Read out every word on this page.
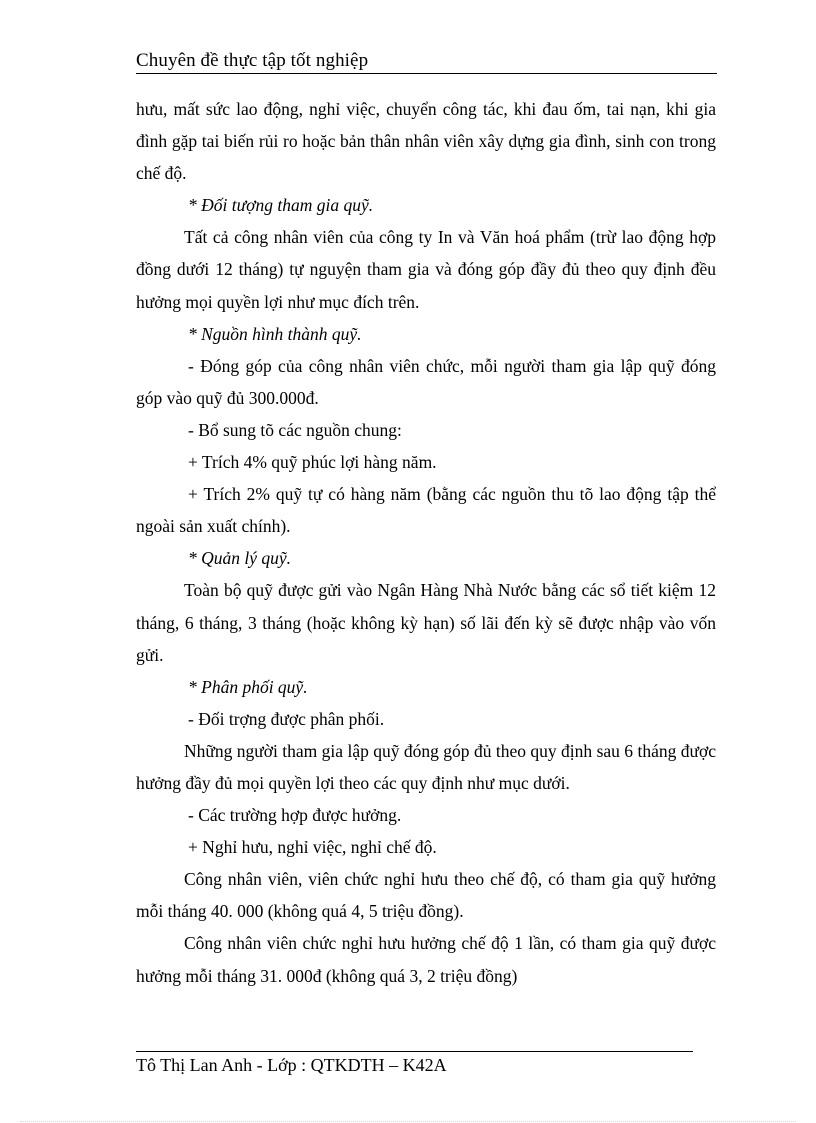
Chuyên đề thực tập tốt nghiệp

hưu, mất sức lao động, nghỉ việc, chuyển công tác, khi đau ốm, tai nạn, khi gia đình gặp tai biến rủi ro hoặc bản thân nhân viên xây dựng gia đình, sinh con trong chế độ.

* Đối tượng tham gia quỹ.

Tất cả công nhân viên của công ty In và Văn hoá phẩm (trừ lao động hợp đồng dưới 12 tháng) tự nguyện tham gia và đóng góp đầy đủ theo quy định đều hưởng mọi quyền lợi như mục đích trên.

* Nguồn hình thành quỹ.

- Đóng góp của công nhân viên chức, mỗi người tham gia lập quỹ đóng góp vào quỹ đủ 300.000đ.

- Bổ sung tõ các nguồn chung:

+ Trích 4% quỹ phúc lợi hàng năm.

+ Trích 2% quỹ tự có hàng năm (bằng các nguồn thu tõ lao động tập thể ngoài sản xuất chính).

* Quản lý quỹ.

Toàn bộ quỹ được gửi vào Ngân Hàng Nhà Nước bằng các sổ tiết kiệm 12 tháng, 6 tháng, 3 tháng (hoặc không kỳ hạn) số lãi đến kỳ sẽ được nhập vào vốn gửi.

* Phân phối quỹ.

- Đối trợng được phân phối.

Những người tham gia lập quỹ đóng góp đủ theo quy định sau 6 tháng được hưởng đầy đủ mọi quyền lợi theo các quy định như mục dưới.

- Các trường hợp được hưởng.

+ Nghỉ hưu, nghỉ việc, nghỉ chế độ.

Công nhân viên, viên chức nghỉ hưu theo chế độ, có tham gia quỹ hưởng mỗi tháng 40. 000 (không quá 4, 5 triệu đồng).

Công nhân viên chức nghỉ hưu hưởng chế độ 1 lần, có tham gia quỹ được hưởng mỗi tháng 31. 000đ (không quá 3, 2 triệu đồng)

Tô Thị Lan Anh - Lớp : QTKDTH – K42A
